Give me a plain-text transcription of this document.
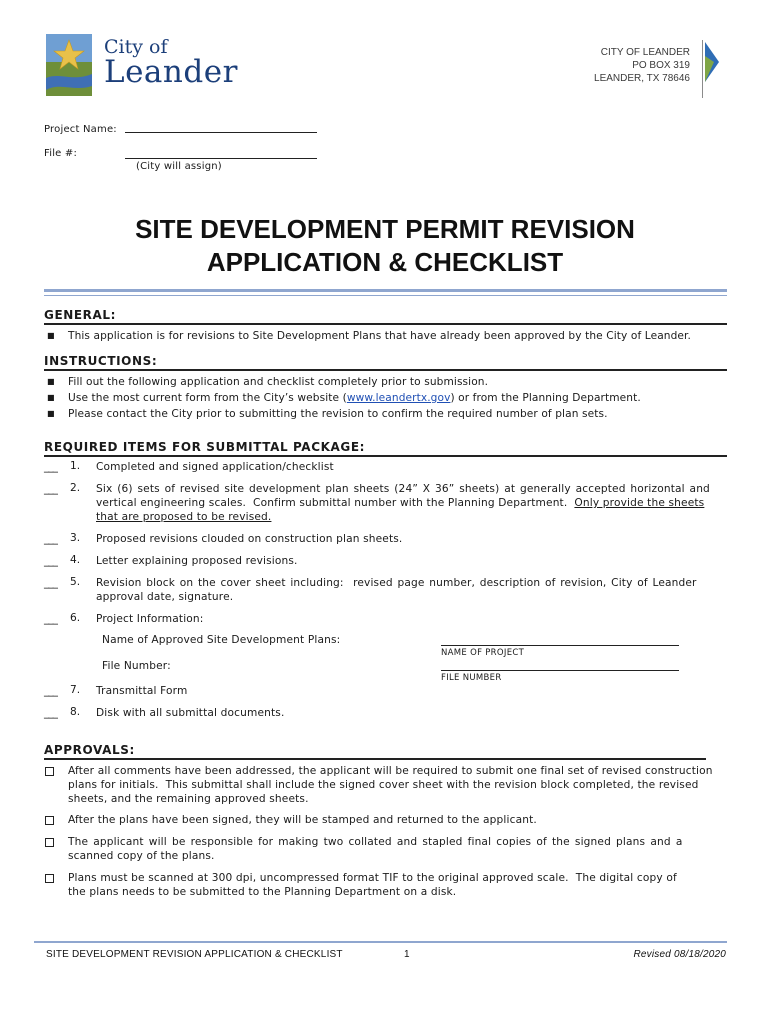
City of
Leander
CITY OF LEANDER
PO BOX 319
LEANDER, TX 78646
Project Name:
File #:
(City will assign)
SITE DEVELOPMENT PERMIT REVISION
APPLICATION & CHECKLIST
GENERAL:
■ This application is for revisions to Site Development Plans that have already been approved by the City of Leander.
INSTRUCTIONS:
■ Fill out the following application and checklist completely prior to submission.
■ Use the most current form from the City’s website (www.leandertx.gov) or from the Planning Department.
■ Please contact the City prior to submitting the revision to confirm the required number of plan sets.
REQUIRED ITEMS FOR SUBMITTAL PACKAGE:
___ 1. Completed and signed application/checklist
___ 2. Six (6) sets of revised site development plan sheets (24” X 36” sheets) at generally accepted horizontal and
vertical engineering scales.  Confirm submittal number with the Planning Department.  Only provide the sheets
that are proposed to be revised.
___ 3. Proposed revisions clouded on construction plan sheets.
___ 4. Letter explaining proposed revisions.
___ 5. Revision block on the cover sheet including:  revised page number, description of revision, City of Leander
approval date, signature.
___ 6. Project Information:
Name of Approved Site Development Plans:
NAME OF PROJECT
File Number:
FILE NUMBER
___ 7. Transmittal Form
___ 8. Disk with all submittal documents.
APPROVALS:
After all comments have been addressed, the applicant will be required to submit one final set of revised construction
plans for initials.  This submittal shall include the signed cover sheet with the revision block completed, the revised
sheets, and the remaining approved sheets.
After the plans have been signed, they will be stamped and returned to the applicant.
The applicant will be responsible for making two collated and stapled final copies of the signed plans and a
scanned copy of the plans.
Plans must be scanned at 300 dpi, uncompressed format TIF to the original approved scale.  The digital copy of
the plans needs to be submitted to the Planning Department on a disk.
SITE DEVELOPMENT REVISION APPLICATION & CHECKLIST	1	Revised 08/18/2020
